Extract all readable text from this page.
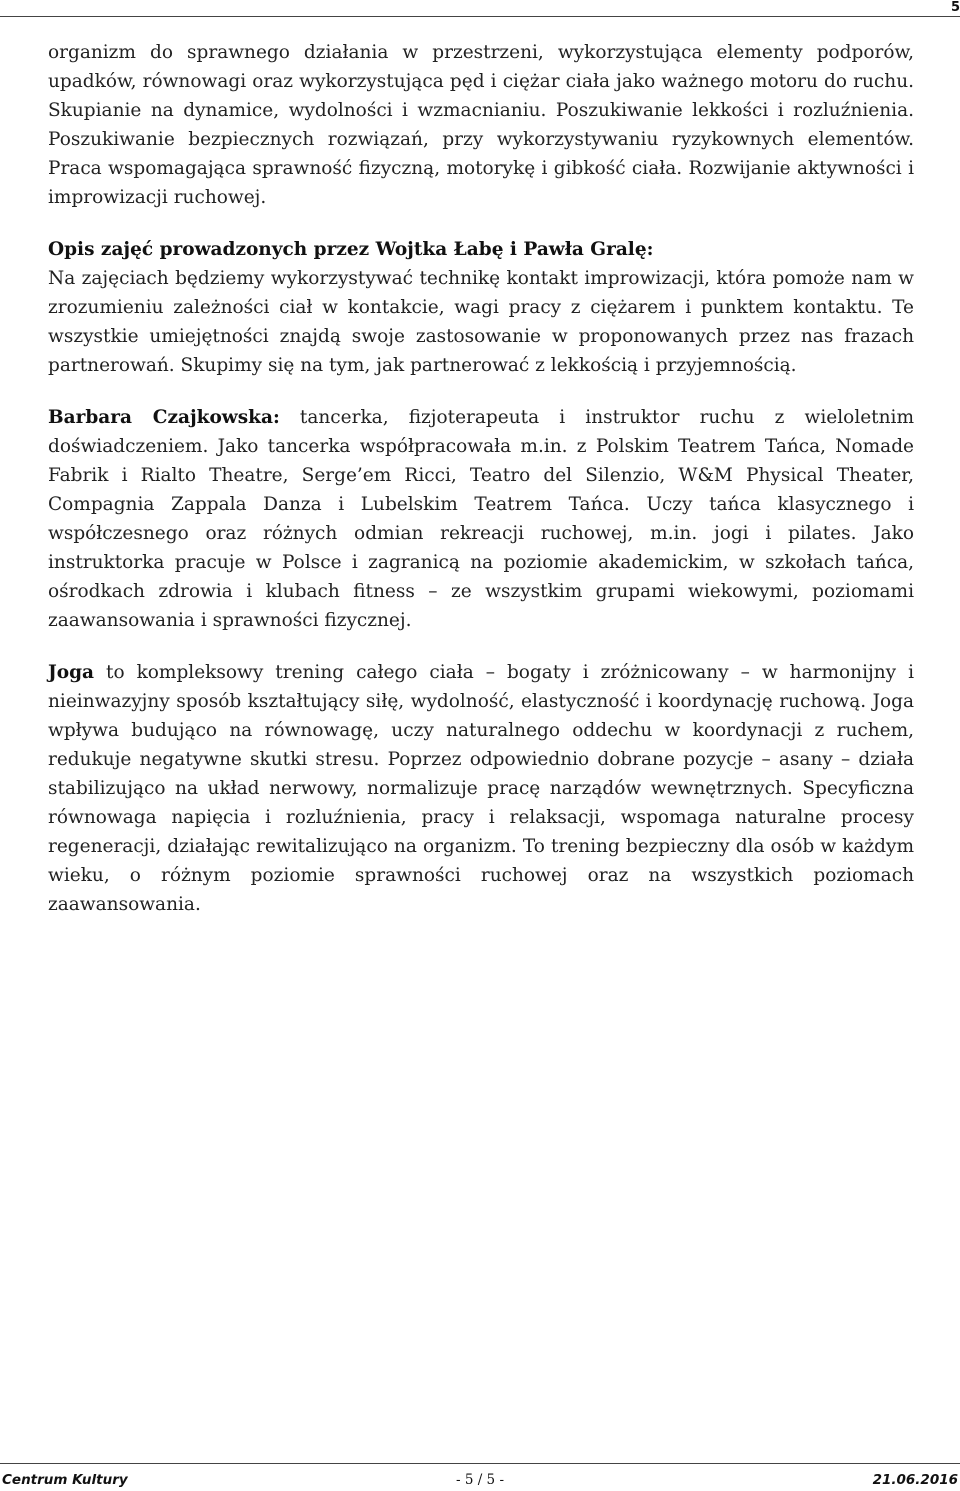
5

organizm do sprawnego działania w przestrzeni, wykorzystująca elementy podporów, upadków, równowagi oraz wykorzystująca pęd i ciężar ciała jako ważnego motoru do ruchu. Skupianie na dynamice, wydolności i wzmacnianiu. Poszukiwanie lekkości i rozluźnienia. Poszukiwanie bezpiecznych rozwiązań, przy wykorzystywaniu ryzykownych elementów. Praca wspomagająca sprawność fizyczną, motorykę i gibkość ciała. Rozwijanie aktywności i improwizacji ruchowej.

Opis zajęć prowadzonych przez Wojtka Łabę i Pawła Gralę:
Na zajęciach będziemy wykorzystywać technikę kontakt improwizacji, która pomoże nam w zrozumieniu zależności ciał w kontakcie, wagi pracy z ciężarem i punktem kontaktu. Te wszystkie umiejętności znajdą swoje zastosowanie w proponowanych przez nas frazach partnerowań. Skupimy się na tym, jak partnerować z lekkością i przyjemnością.

Barbara Czajkowska: tancerka, fizjoterapeuta i instruktor ruchu z wieloletnim doświadczeniem. Jako tancerka współpracowała m.in. z Polskim Teatrem Tańca, Nomade Fabrik i Rialto Theatre, Serge’em Ricci, Teatro del Silenzio, W&M Physical Theater, Compagnia Zappala Danza i Lubelskim Teatrem Tańca. Uczy tańca klasycznego i współczesnego oraz różnych odmian rekreacji ruchowej, m.in. jogi i pilates. Jako instruktorka pracuje w Polsce i zagranicą na poziomie akademickim, w szkołach tańca, ośrodkach zdrowia i klubach fitness – ze wszystkim grupami wiekowymi, poziomami zaawansowania i sprawności fizycznej.

Joga to kompleksowy trening całego ciała – bogaty i zróżnicowany – w harmonijny i nieinwazyjny sposób kształtujący siłę, wydolność, elastyczność i koordynację ruchową. Joga wpływa budująco na równowagę, uczy naturalnego oddechu w koordynacji z ruchem, redukuje negatywne skutki stresu. Poprzez odpowiednio dobrane pozycje – asany – działa stabilizująco na układ nerwowy, normalizuje pracę narządów wewnętrznych. Specyficzna równowaga napięcia i rozluźnienia, pracy i relaksacji, wspomaga naturalne procesy regeneracji, działając rewitalizująco na organizm. To trening bezpieczny dla osób w każdym wieku, o różnym poziomie sprawności ruchowej oraz na wszystkich poziomach zaawansowania.

Centrum Kultury	- 5 / 5 -	21.06.2016
